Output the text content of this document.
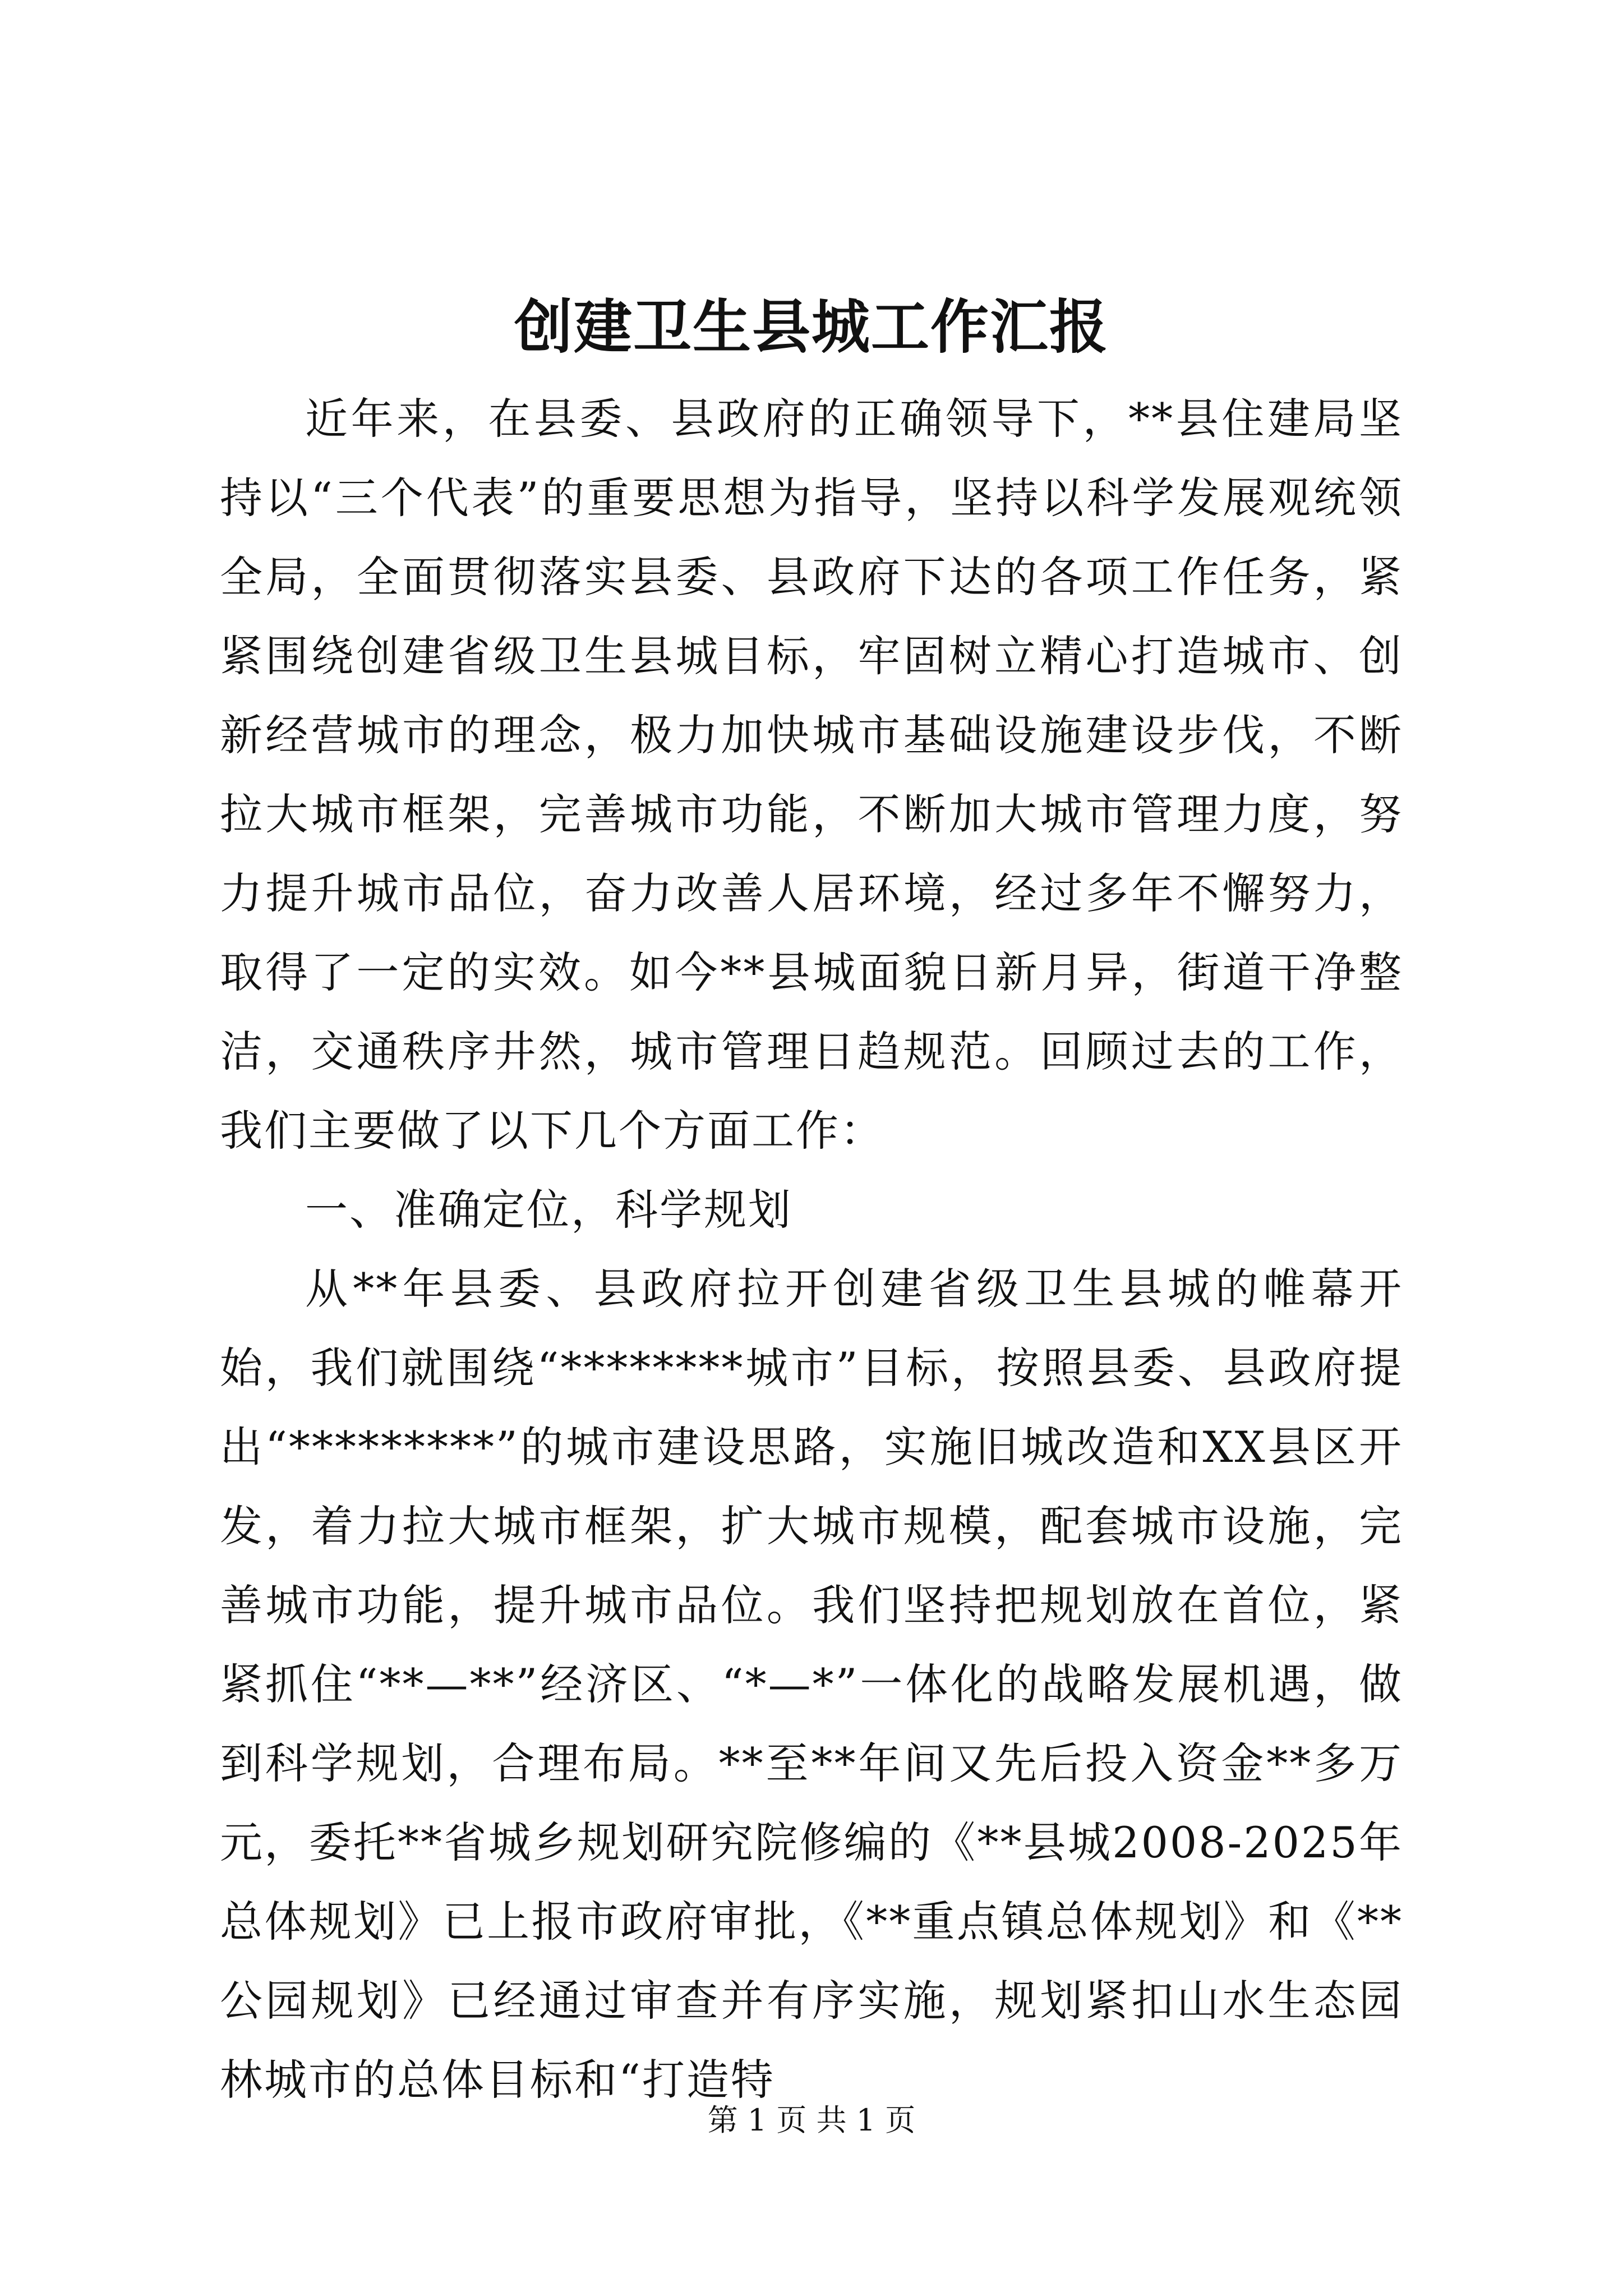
创建卫生县城工作汇报

近年来，在县委、县政府的正确领导下，**县住建局坚持以“三个代表”的重要思想为指导，坚持以科学发展观统领全局，全面贯彻落实县委、县政府下达的各项工作任务，紧紧围绕创建省级卫生县城目标，牢固树立精心打造城市、创新经营城市的理念，极力加快城市基础设施建设步伐，不断拉大城市框架，完善城市功能，不断加大城市管理力度，努力提升城市品位，奋力改善人居环境，经过多年不懈努力，取得了一定的实效。如今**县城面貌日新月异，街道干净整洁，交通秩序井然，城市管理日趋规范。回顾过去的工作，我们主要做了以下几个方面工作：

一、准确定位，科学规划

从**年县委、县政府拉开创建省级卫生县城的帷幕开始，我们就围绕“********城市”目标，按照县委、县政府提出“*********”的城市建设思路，实施旧城改造和XX县区开发，着力拉大城市框架，扩大城市规模，配套城市设施，完善城市功能，提升城市品位。我们坚持把规划放在首位，紧紧抓住“**—**”经济区、“*—*”一体化的战略发展机遇，做到科学规划，合理布局。**至**年间又先后投入资金**多万元，委托**省城乡规划研究院修编的《**县城2008-2025年总体规划》已上报市政府审批，《**重点镇总体规划》和《**公园规划》已经通过审查并有序实施，规划紧扣山水生态园林城市的总体目标和“打造特

第 1 页 共 1 页
